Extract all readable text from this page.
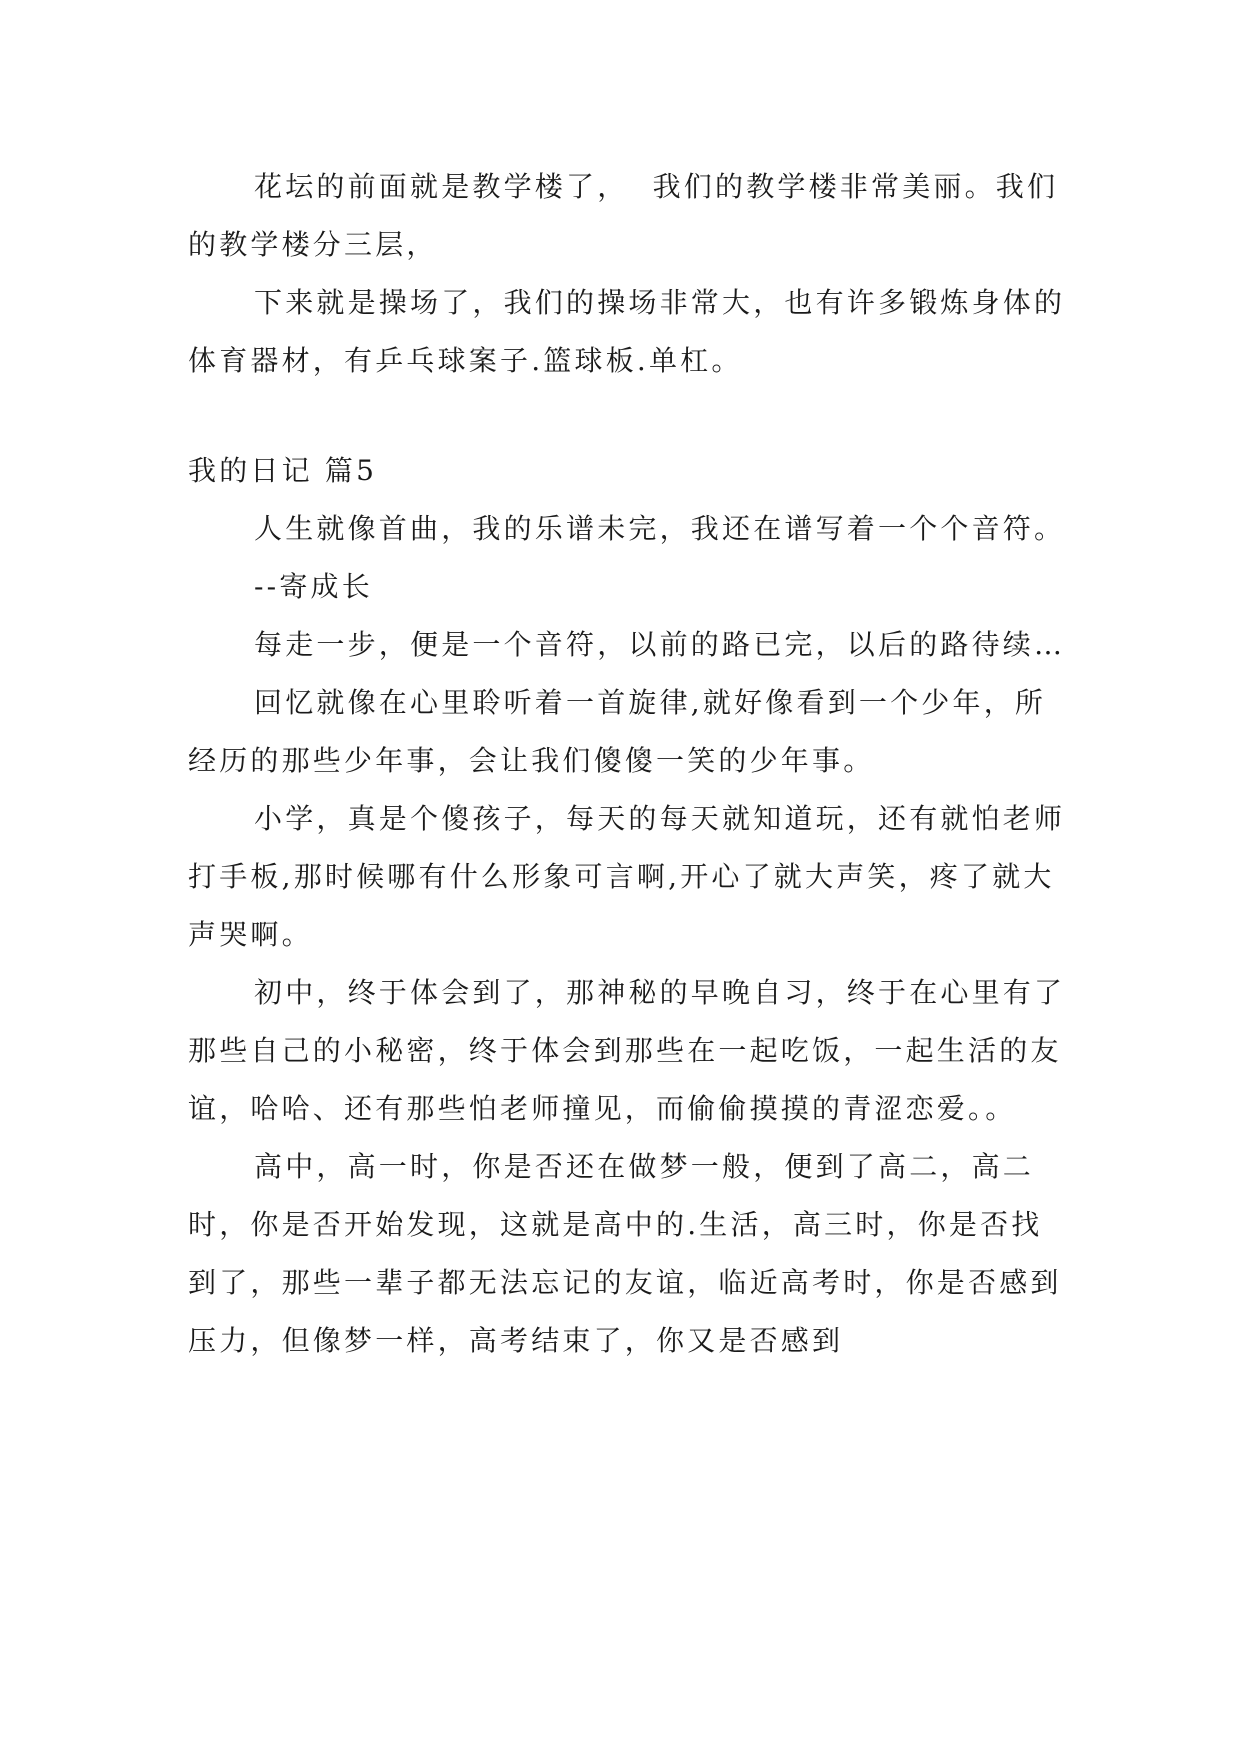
花坛的前面就是教学楼了，  我们的教学楼非常美丽。我们的教学楼分三层，

下来就是操场了，我们的操场非常大，也有许多锻炼身体的体育器材，有乒乓球案子.篮球板.单杠。

我的日记 篇5

人生就像首曲，我的乐谱未完，我还在谱写着一个个音符。

--寄成长

每走一步，便是一个音符，以前的路已完，以后的路待续…

回忆就像在心里聆听着一首旋律,就好像看到一个少年，所经历的那些少年事，会让我们傻傻一笑的少年事。

小学，真是个傻孩子，每天的每天就知道玩，还有就怕老师打手板,那时候哪有什么形象可言啊,开心了就大声笑，疼了就大声哭啊。

初中，终于体会到了，那神秘的早晚自习，终于在心里有了那些自己的小秘密，终于体会到那些在一起吃饭，一起生活的友谊，哈哈、还有那些怕老师撞见，而偷偷摸摸的青涩恋爱。。

高中，高一时，你是否还在做梦一般，便到了高二，高二时，你是否开始发现，这就是高中的.生活，高三时，你是否找到了，那些一辈子都无法忘记的友谊，临近高考时，你是否感到压力，但像梦一样，高考结束了，你又是否感到
